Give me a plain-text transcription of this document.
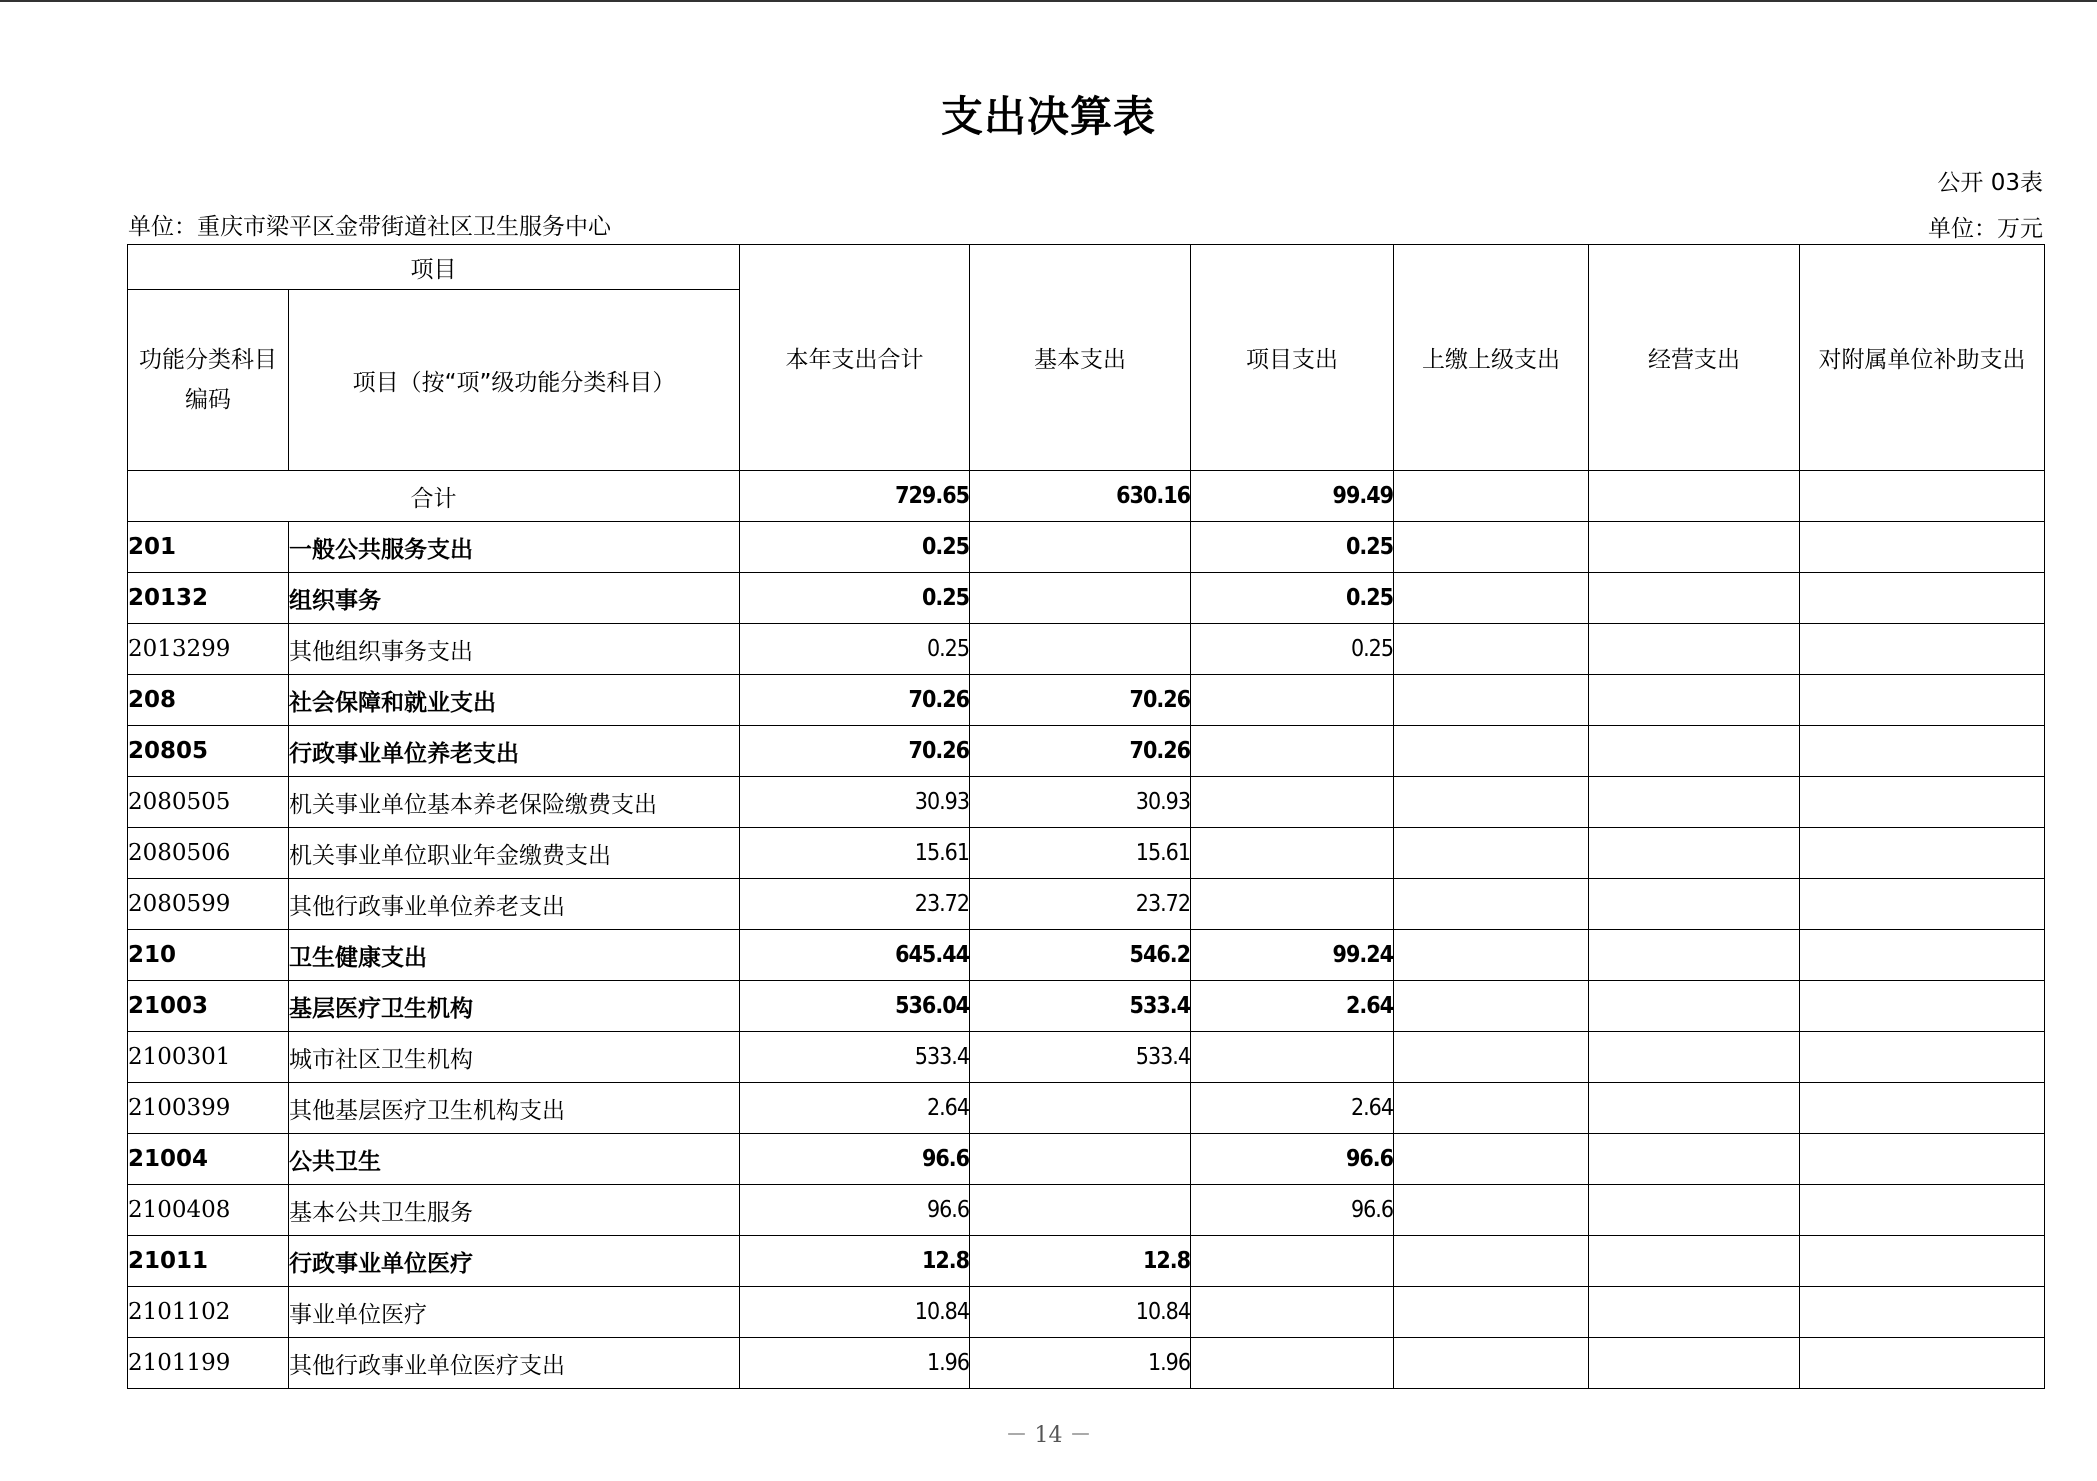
支出决算表
公开 03表
单位：重庆市梁平区金带街道社区卫生服务中心	单位：万元
项目		本年支出合计	基本支出	项目支出	上缴上级支出	经营支出	对附属单位补助支出
功能分类科目编码	项目（按“项”级功能分类科目）						
合计		729.65	630.16	99.49			
201	一般公共服务支出	0.25		0.25			
20132	组织事务	0.25		0.25			
2013299	其他组织事务支出	0.25		0.25			
208	社会保障和就业支出	70.26	70.26				
20805	行政事业单位养老支出	70.26	70.26				
2080505	机关事业单位基本养老保险缴费支出	30.93	30.93				
2080506	机关事业单位职业年金缴费支出	15.61	15.61				
2080599	其他行政事业单位养老支出	23.72	23.72				
210	卫生健康支出	645.44	546.2	99.24			
21003	基层医疗卫生机构	536.04	533.4	2.64			
2100301	城市社区卫生机构	533.4	533.4				
2100399	其他基层医疗卫生机构支出	2.64		2.64			
21004	公共卫生	96.6		96.6			
2100408	基本公共卫生服务	96.6		96.6			
21011	行政事业单位医疗	12.8	12.8				
2101102	事业单位医疗	10.84	10.84				
2101199	其他行政事业单位医疗支出	1.96	1.96				
－ 14 －
